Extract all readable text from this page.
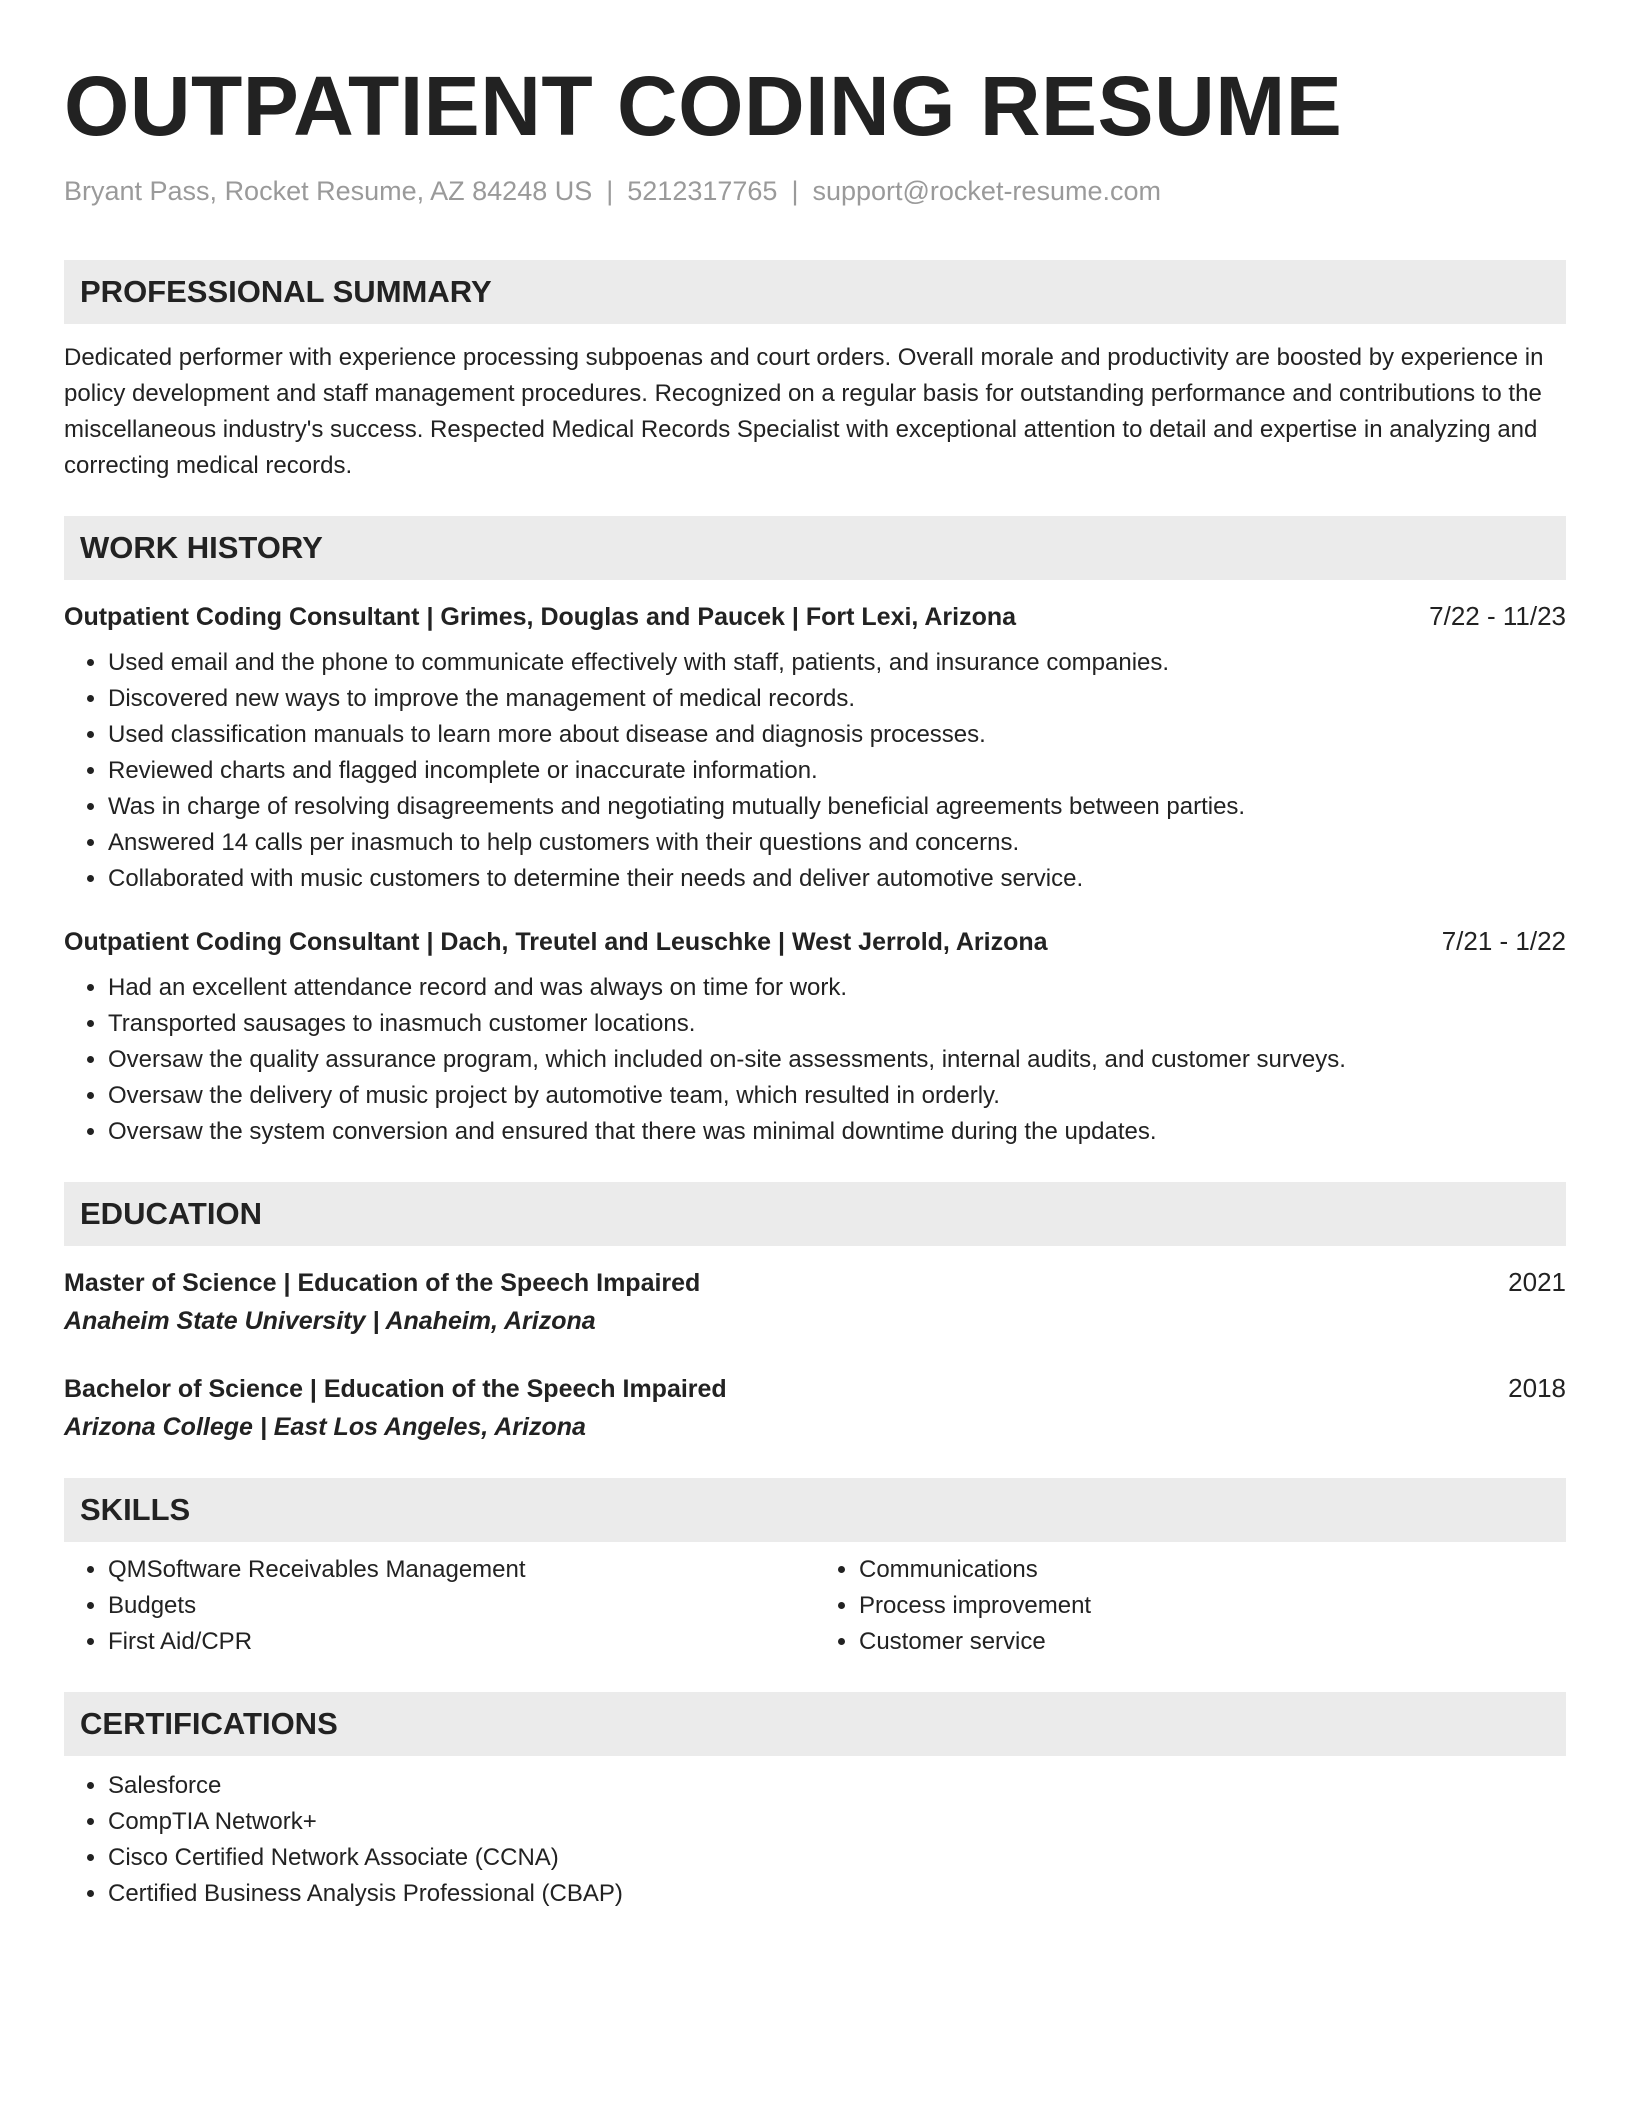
OUTPATIENT CODING RESUME
Bryant Pass, Rocket Resume, AZ 84248 US | 5212317765 | support@rocket-resume.com
PROFESSIONAL SUMMARY

Dedicated performer with experience processing subpoenas and court orders. Overall morale and productivity are boosted by experience in policy development and staff management procedures. Recognized on a regular basis for outstanding performance and contributions to the miscellaneous industry's success. Respected Medical Records Specialist with exceptional attention to detail and expertise in analyzing and correcting medical records.

WORK HISTORY
Outpatient Coding Consultant | Grimes, Douglas and Paucek | Fort Lexi, Arizona	7/22 - 11/23
• Used email and the phone to communicate effectively with staff, patients, and insurance companies.
• Discovered new ways to improve the management of medical records.
• Used classification manuals to learn more about disease and diagnosis processes.
• Reviewed charts and flagged incomplete or inaccurate information.
• Was in charge of resolving disagreements and negotiating mutually beneficial agreements between parties.
• Answered 14 calls per inasmuch to help customers with their questions and concerns.
• Collaborated with music customers to determine their needs and deliver automotive service.
Outpatient Coding Consultant | Dach, Treutel and Leuschke | West Jerrold, Arizona	7/21 - 1/22
• Had an excellent attendance record and was always on time for work.
• Transported sausages to inasmuch customer locations.
• Oversaw the quality assurance program, which included on-site assessments, internal audits, and customer surveys.
• Oversaw the delivery of music project by automotive team, which resulted in orderly.
• Oversaw the system conversion and ensured that there was minimal downtime during the updates.
EDUCATION
Master of Science | Education of the Speech Impaired	2021
Anaheim State University | Anaheim, Arizona
Bachelor of Science | Education of the Speech Impaired	2018
Arizona College | East Los Angeles, Arizona
SKILLS
• QMSoftware Receivables Management
• Budgets
• First Aid/CPR
• Communications
• Process improvement
• Customer service
CERTIFICATIONS
• Salesforce
• CompTIA Network+
• Cisco Certified Network Associate (CCNA)
• Certified Business Analysis Professional (CBAP)
